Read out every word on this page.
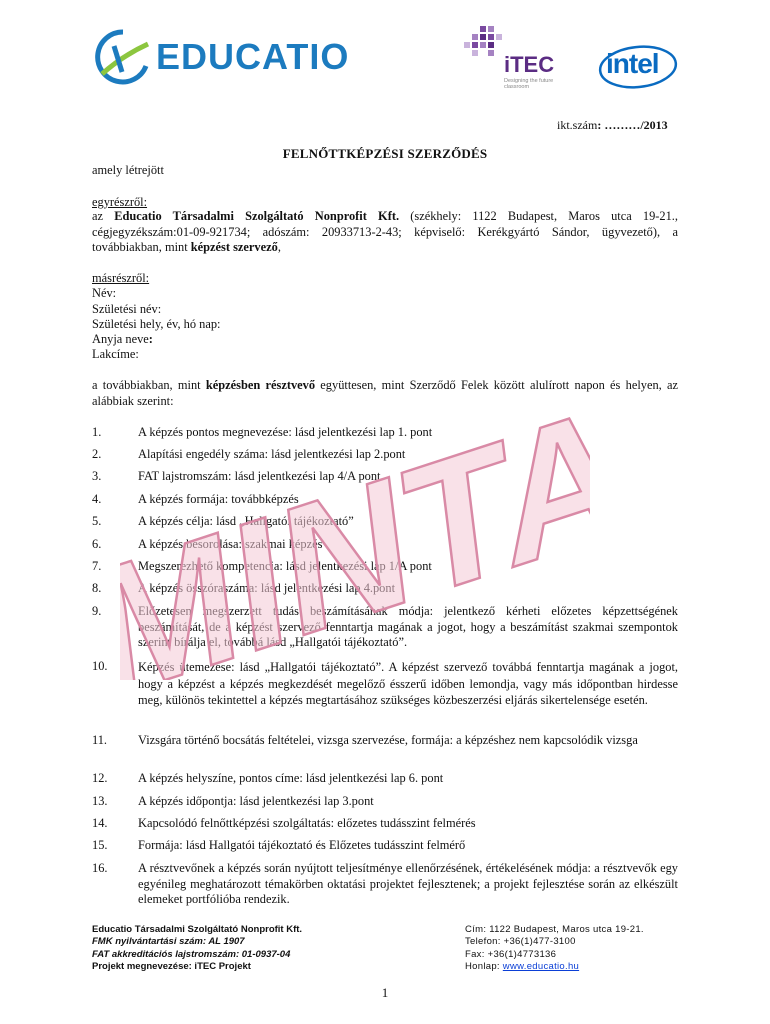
EDUCATIO	iTEC
Designing the future classroom
intel
ikt.szám: ………/2013
FELNŐTTKÉPZÉSI SZERZŐDÉS
amely létrejött
egyrészről:
az Educatio Társadalmi Szolgáltató Nonprofit Kft. (székhely: 1122 Budapest, Maros utca 19-21., cégjegyzékszám:01-09-921734; adószám: 20933713-2-43; képviselő: Kerékgyártó Sándor, ügyvezető), a továbbiakban, mint képzést szervező,
másrészről:
Név:
Születési név:
Születési hely, év, hó nap:
Anyja neve:
Lakcíme:
a továbbiakban, mint képzésben résztvevő együttesen, mint Szerződő Felek között alulírott napon és helyen, az alábbiak szerint:
1.	A képzés pontos megnevezése: lásd jelentkezési lap 1. pont
2.	Alapítási engedély száma: lásd jelentkezési lap 2.pont
3.	FAT lajstromszám: lásd jelentkezési lap 4/A pont.
4.	A képzés formája: továbbképzés
5.	A képzés célja: lásd „Hallgatói tájékoztató”
6.	A képzés besorolása: szakmai képzés
7.	Megszerezhető kompetencia: lásd jelentkezési lap 1/A pont
8.	A képzés összóraszáma: lásd jelentkezési lap 4.pont
9.	Előzetesen megszerzett tudás beszámításának módja: jelentkező kérheti előzetes képzettségének beszámítását, de a képzést szervező fenntartja magának a jogot, hogy a beszámítást szakmai szempontok szerint bírálja el, továbbá lásd „Hallgatói tájékoztató”.
10. Képzés ütemezése: lásd „Hallgatói tájékoztató”. A képzést szervező továbbá fenntartja magának a jogot, hogy a képzést a képzés megkezdését megelőző ésszerű időben lemondja, vagy más időpontban hirdesse meg, különös tekintettel a képzés megtartásához szükséges közbeszerzési eljárás sikertelensége esetén.
11. Vizsgára történő bocsátás feltételei, vizsga szervezése, formája: a képzéshez nem kapcsolódik vizsga
12. A képzés helyszíne, pontos címe: lásd jelentkezési lap 6. pont
13. A képzés időpontja: lásd jelentkezési lap 3.pont
14. Kapcsolódó felnőttképzési szolgáltatás: előzetes tudásszint felmérés
15. Formája: lásd Hallgatói tájékoztató és Előzetes tudásszint felmérő
16. A résztvevőnek a képzés során nyújtott teljesítménye ellenőrzésének, értékelésének módja: a résztvevők egy egyénileg meghatározott témakörben oktatási projektet fejlesztenek; a projekt fejlesztése során az elkészült elemeket portfólióba rendezik.
MINTA
Educatio Társadalmi Szolgáltató Nonprofit Kft.
FMK nyilvántartási szám: AL 1907
FAT akkreditációs lajstromszám: 01-0937-04
Projekt megnevezése: iTEC Projekt
Cím: 1122 Budapest, Maros utca 19-21.
Telefon: +36(1)477-3100
Fax: +36(1)4773136
Honlap: www.educatio.hu
1
